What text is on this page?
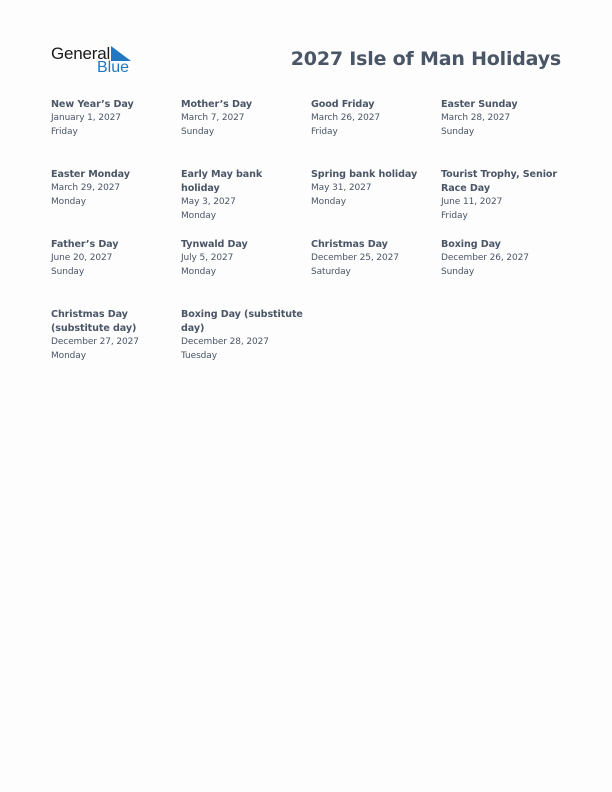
General
Blue	2027 Isle of Man Holidays
New Year’s Day
January 1, 2027
Friday
Mother’s Day
March 7, 2027
Sunday
Good Friday
March 26, 2027
Friday
Easter Sunday
March 28, 2027
Sunday
Easter Monday
March 29, 2027
Monday
Early May bank holiday
May 3, 2027
Monday
Spring bank holiday
May 31, 2027
Monday
Tourist Trophy, Senior Race Day
June 11, 2027
Friday
Father’s Day
June 20, 2027
Sunday
Tynwald Day
July 5, 2027
Monday
Christmas Day
December 25, 2027
Saturday
Boxing Day
December 26, 2027
Sunday
Christmas Day (substitute day)
December 27, 2027
Monday
Boxing Day (substitute day)
December 28, 2027
Tuesday
